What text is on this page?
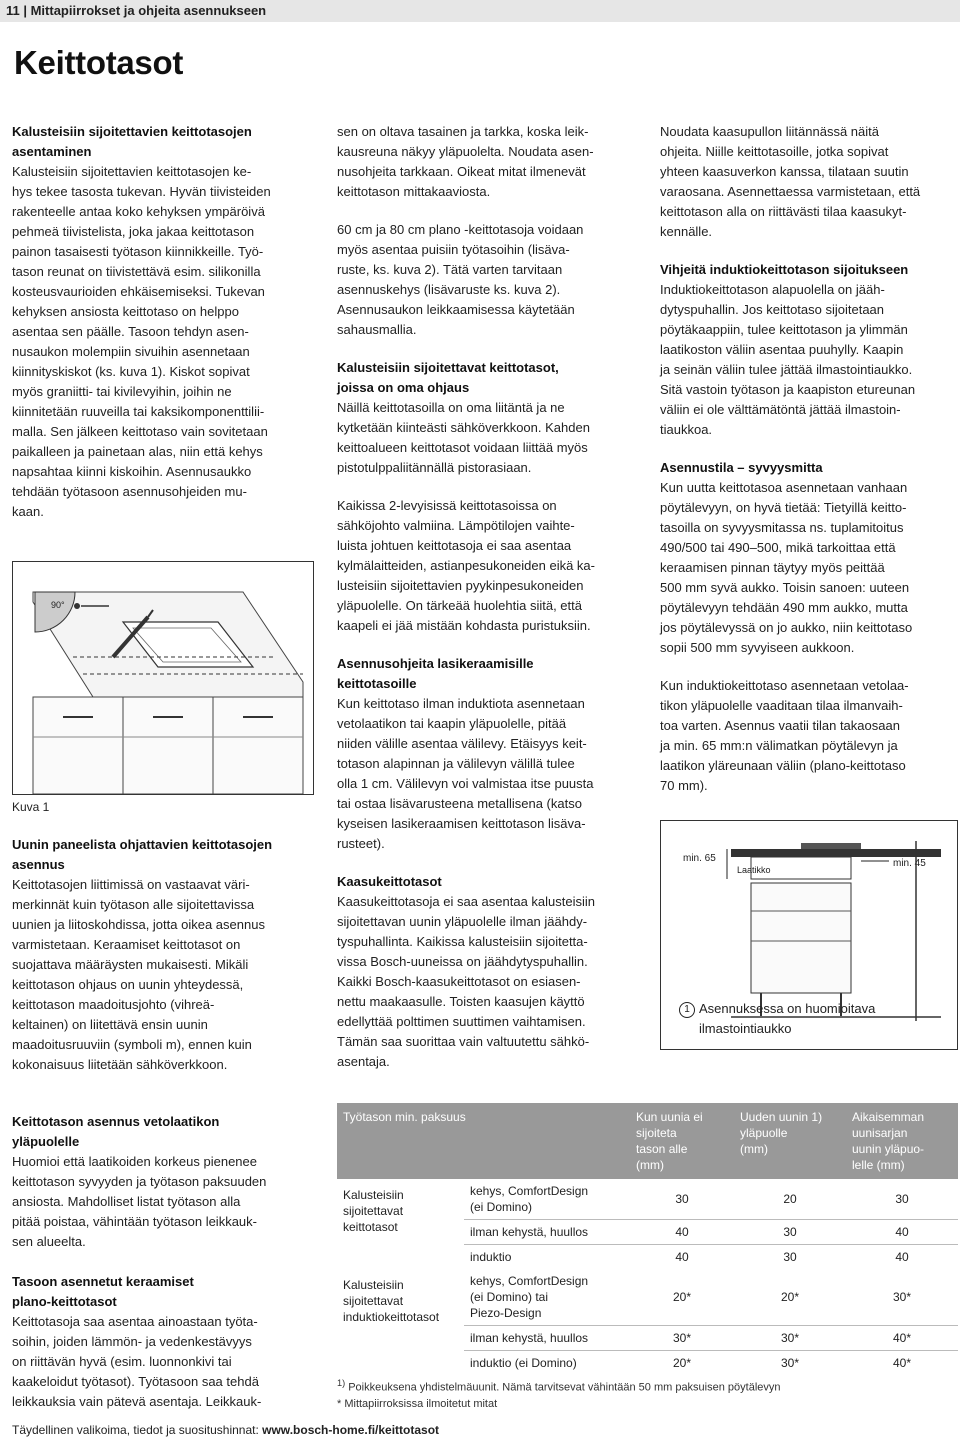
11 | Mittapiirrokset ja ohjeita asennukseen
Keittotasot
Kalusteisiin sijoitettavien keittotasojen
asentaminen
Kalusteisiin sijoitettavien keittotasojen ke-
hys tekee tasosta tukevan. Hyvän tiivisteiden
rakenteelle antaa koko kehyksen ympäröivä
pehmeä tiivistelista, joka jakaa keittotason
painon tasaisesti työtason kiinnikkeille. Työ-
tason reunat on tiivistettävä esim. silikonilla
kosteusvaurioiden ehkäisemiseksi. Tukevan
kehyksen ansiosta keittotaso on helppo
asentaa sen päälle. Tasoon tehdyn asen-
nusaukon molempiin sivuihin asennetaan
kiinnityskiskot (ks. kuva 1). Kiskot sopivat
myös graniitti- tai kivilevyihin, joihin ne
kiinnitetään ruuveilla tai kaksikomponenttilii-
malla. Sen jälkeen keittotaso vain sovitetaan
paikalleen ja painetaan alas, niin että kehys
napsahtaa kiinni kiskoihin. Asennusaukko
tehdään työtasoon asennusohjeiden mu-
kaan.
90°
Kuva 1
Uunin paneelista ohjattavien keittotasojen
asennus
Keittotasojen liittimissä on vastaavat väri-
merkinnät kuin työtason alle sijoitettavissa
uunien ja liitoskohdissa, jotta oikea asennus
varmistetaan. Keraamiset keittotasot on
suojattava määräysten mukaisesti. Mikäli
keittotason ohjaus on uunin yhteydessä,
keittotason maadoitusjohto (vihreä-
keltainen) on liitettävä ensin uunin
maadoitusruuviin (symboli m), ennen kuin
kokonaisuus liitetään sähköverkkoon.
Keittotason asennus vetolaatikon
yläpuolelle
Huomioi että laatikoiden korkeus pienenee
keittotason syvyyden ja työtason paksuuden
ansiosta. Mahdolliset listat työtason alla
pitää poistaa, vähintään työtason leikkauk-
sen alueelta.
Tasoon asennetut keraamiset
plano-keittotasot
Keittotasoja saa asentaa ainoastaan työta-
soihin, joiden lämmön- ja vedenkestävyys
on riittävän hyvä (esim. luonnonkivi tai
kaakeloidut työtasot). Työtasoon saa tehdä
leikkauksia vain pätevä asentaja. Leikkauk-
sen on oltava tasainen ja tarkka, koska leik-
kausreuna näkyy yläpuolelta. Noudata asen-
nusohjeita tarkkaan. Oikeat mitat ilmenevät
keittotason mittakaaviosta.
60 cm ja 80 cm plano -keittotasoja voidaan
myös asentaa puisiin työtasoihin (lisäva-
ruste, ks. kuva 2). Tätä varten tarvitaan
asennuskehys (lisävaruste ks. kuva 2).
Asennusaukon leikkaamisessa käytetään
sahausmallia.
Kalusteisiin sijoitettavat keittotasot,
joissa on oma ohjaus
Näillä keittotasoilla on oma liitäntä ja ne
kytketään kiinteästi sähköverkkoon. Kahden
keittoalueen keittotasot voidaan liittää myös
pistotulppaliitännällä pistorasiaan.
Kaikissa 2-levyisissä keittotasoissa on
sähköjohto valmiina. Lämpötilojen vaihte-
luista johtuen keittotasoja ei saa asentaa
kylmälaitteiden, astianpesukoneiden eikä ka-
lusteisiin sijoitettavien pyykinpesukoneiden
yläpuolelle. On tärkeää huolehtia siitä, että
kaapeli ei jää mistään kohdasta puristuksiin.
Asennusohjeita lasikeraamisille
keittotasoille
Kun keittotaso ilman induktiota asennetaan
vetolaatikon tai kaapin yläpuolelle, pitää
niiden välille asentaa välilevy. Etäisyys keit-
totason alapinnan ja välilevyn välillä tulee
olla 1 cm. Välilevyn voi valmistaa itse puusta
tai ostaa lisävarusteena metallisena (katso
kyseisen lasikeraamisen keittotason lisäva-
rusteet).
Kaasukeittotasot
Kaasukeittotasoja ei saa asentaa kalusteisiin
sijoitettavan uunin yläpuolelle ilman jäähdy-
tyspuhallinta. Kaikissa kalusteisiin sijoitetta-
vissa Bosch-uuneissa on jäähdytyspuhallin.
Kaikki Bosch-kaasukeittotasot on esiasen-
nettu maakaasulle. Toisten kaasujen käyttö
edellyttää polttimen suuttimen vaihtamisen.
Tämän saa suorittaa vain valtuutettu sähkö-
asentaja.
Noudata kaasupullon liitännässä näitä
ohjeita. Niille keittotasoille, jotka sopivat
yhteen kaasuverkon kanssa, tilataan suutin
varaosana. Asennettaessa varmistetaan, että
keittotason alla on riittävästi tilaa kaasukyt-
kennälle.
Vihjeitä induktiokeittotason sijoitukseen
Induktiokeittotason alapuolella on jääh-
dytyspuhallin. Jos keittotaso sijoitetaan
pöytäkaappiin, tulee keittotason ja ylimmän
laatikoston väliin asentaa puuhylly. Kaapin
ja seinän väliin tulee jättää ilmastointiaukko.
Sitä vastoin työtason ja kaapiston etureunan
väliin ei ole välttämätöntä jättää ilmastoin-
tiaukkoa.
Asennustila – syvyysmitta
Kun uutta keittotasoa asennetaan vanhaan
pöytälevyyn, on hyvä tietää: Tietyillä keitto-
tasoilla on syvyysmitassa ns. tuplamitoitus
490/500 tai 490–500, mikä tarkoittaa että
keraamisen pinnan täytyy myös peittää
500 mm syvä aukko. Toisin sanoen: uuteen
pöytälevyyn tehdään 490 mm aukko, mutta
jos pöytälevyssä on jo aukko, niin keittotaso
sopii 500 mm syvyiseen aukkoon.
Kun induktiokeittotaso asennetaan vetolaa-
tikon yläpuolelle vaaditaan tilaa ilmanvaih-
toa varten. Asennus vaatii tilan takaosaan
ja min. 65 mm:n välimatkan pöytälevyn ja
laatikon yläreunaan väliin (plano-keittotaso
70 mm).
Laatikko
min. 65	min. 45
1 Asennuksessa on huomioitava
ilmastointiaukko
Työtason min. paksuus		Kun uunia ei
sijoiteta
tason alle
(mm)	Uuden uunin 1)
yläpuolle
(mm)	Aikaisemman
uunisarjan
uunin yläpuo-
lelle (mm)
Kalusteisiin
sijoitettavat
keittotasot	kehys, ComfortDesign
(ei Domino)	30	20	30
	ilman kehystä, huullos	40	30	40
	induktio	40	30	40
Kalusteisiin
sijoitettavat
induktiokeittotasot	kehys, ComfortDesign
(ei Domino) tai
Piezo-Design	20*	20*	30*
	ilman kehystä, huullos	30*	30*	40*
	induktio (ei Domino)	20*	30*	40*
$^{1)}$ Poikkeuksena yhdistelmäuunit. Nämä tarvitsevat vähintään 50 mm paksuisen pöytälevyn
* Mittapiirroksissa ilmoitetut mitat
Täydellinen valikoima, tiedot ja suositushinnat: www.bosch-home.fi/keittotasot
